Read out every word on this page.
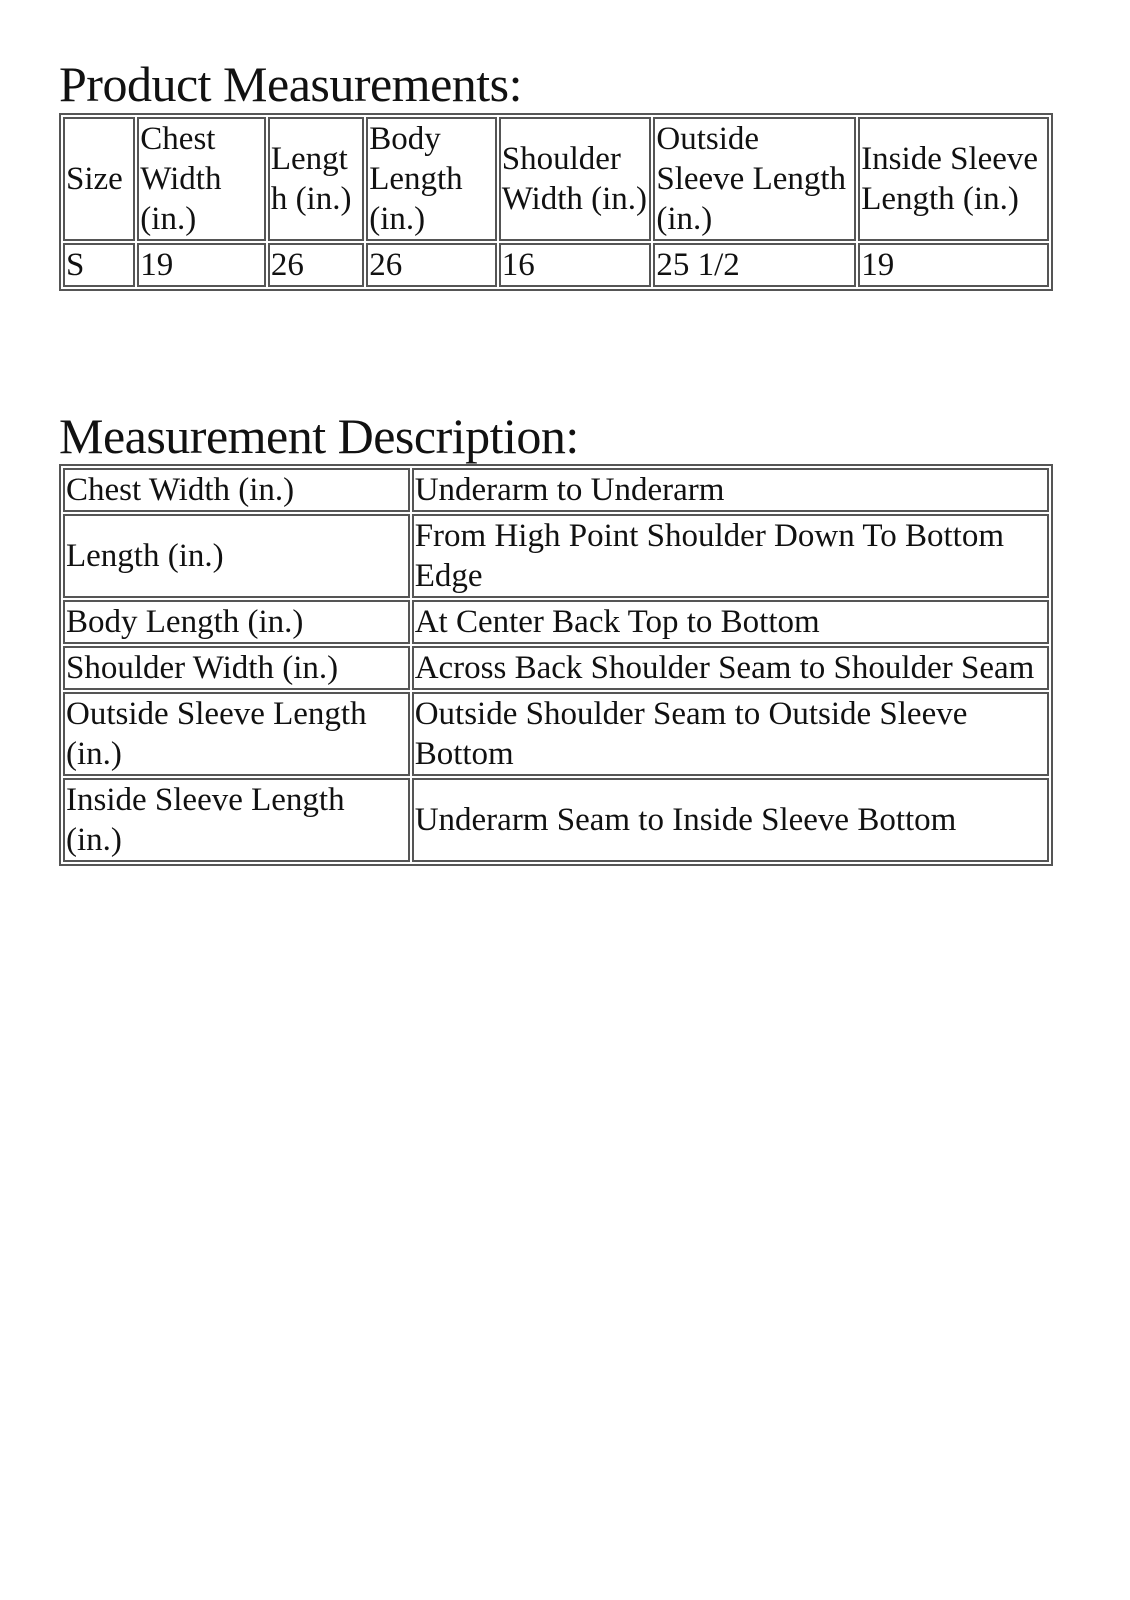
Product Measurements:
Size	Chest Width (in.)	Length (in.)	Body Length (in.)	Shoulder Width (in.)	Outside Sleeve Length (in.)	Inside Sleeve Length (in.)
S	19	26	26	16	25 1/2	19
Measurement Description:
Chest Width (in.)	Underarm to Underarm
Length (in.)	From High Point Shoulder Down To Bottom Edge
Body Length (in.)	At Center Back Top to Bottom
Shoulder Width (in.)	Across Back Shoulder Seam to Shoulder Seam
Outside Sleeve Length (in.)	Outside Shoulder Seam to Outside Sleeve Bottom
Inside Sleeve Length (in.)	Underarm Seam to Inside Sleeve Bottom
